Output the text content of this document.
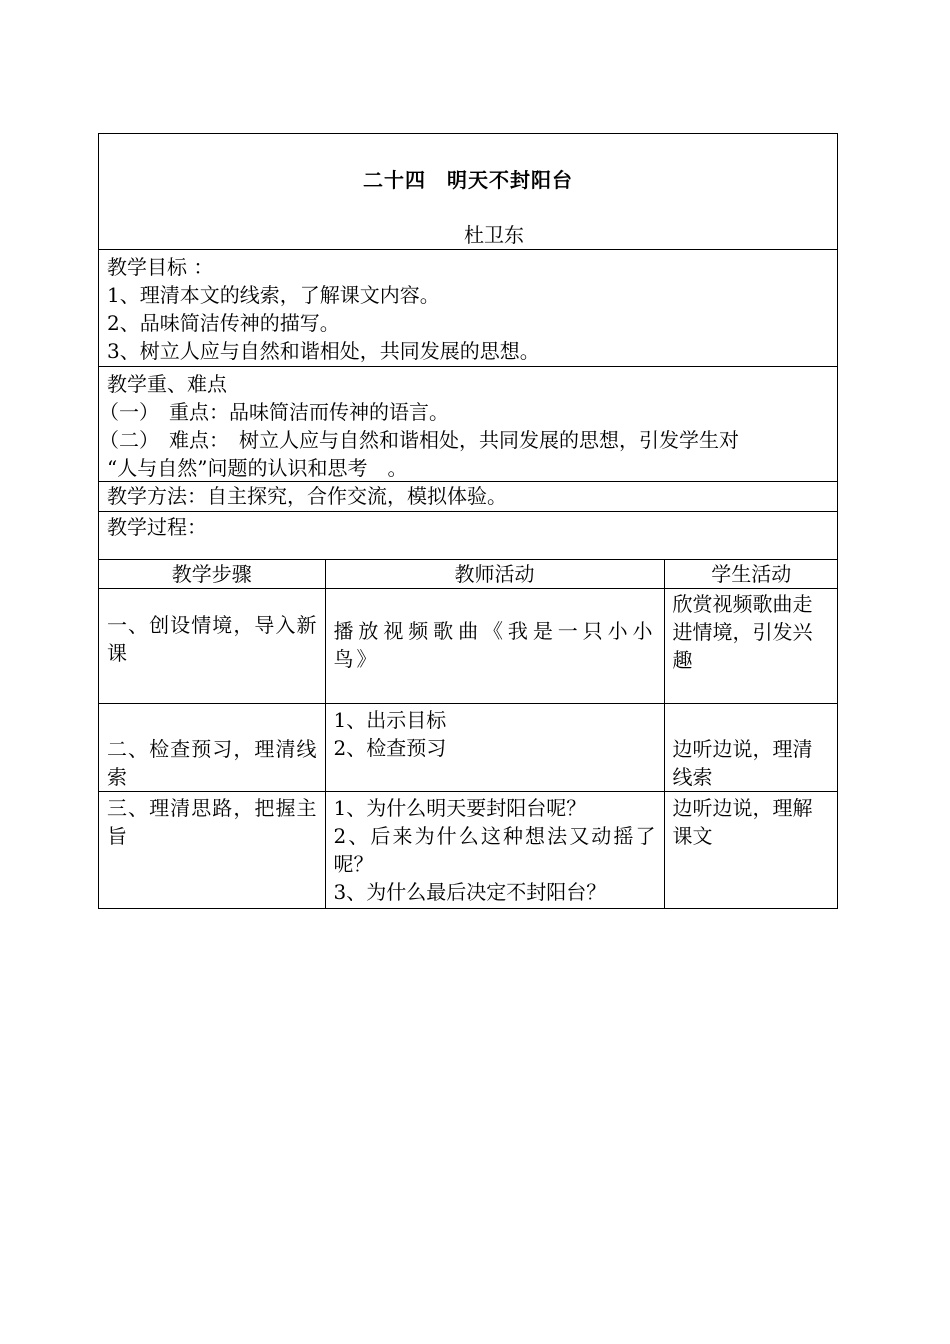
二十四　明天不封阳台
杜卫东
教学目标 ：
1、理清本文的线索，了解课文内容。
2、品味简洁传神的描写。
3、树立人应与自然和谐相处，共同发展的思想。
教学重、难点
（一）　重点：品味简洁而传神的语言。
（二）　难点：　树立人应与自然和谐相处，共同发展的思想，引发学生对
“人与自然”问题的认识和思考　。
教学方法：自主探究，合作交流，模拟体验。
教学过程：
教学步骤	教师活动	学生活动

一、创设情境，导入新课	播放视频歌曲《我是一只小小鸟》	欣赏视频歌曲走进情境，引发兴趣

二、检查预习，理清线索	1、出示目标
2、检查预习	边听边说，理清线索

三、理清思路，把握主旨	1、为什么明天要封阳台呢？
2、后来为什么这种想法又动摇了呢？
3、为什么最后决定不封阳台？	边听边说，理解课文
